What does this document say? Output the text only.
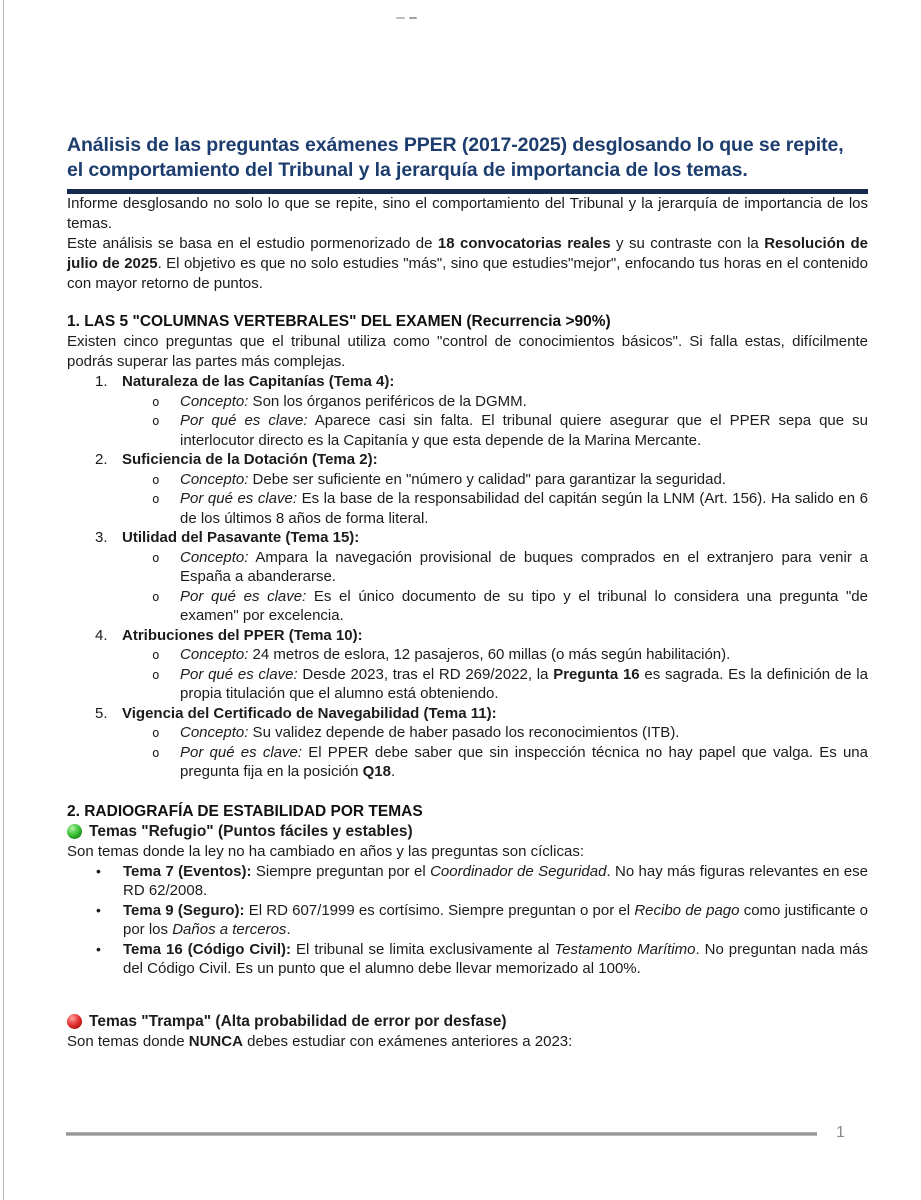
Análisis de las preguntas exámenes PPER (2017-2025) desglosando lo que se repite, el comportamiento del Tribunal y la jerarquía de importancia de los temas.

Informe desglosando no solo lo que se repite, sino el comportamiento del Tribunal y la jerarquía de importancia de los temas.

Este análisis se basa en el estudio pormenorizado de 18 convocatorias reales y su contraste con la Resolución de julio de 2025. El objetivo es que no solo estudies "más", sino que estudies"mejor", enfocando tus horas en el contenido con mayor retorno de puntos.

1. LAS 5 "COLUMNAS VERTEBRALES" DEL EXAMEN (Recurrencia >90%)

Existen cinco preguntas que el tribunal utiliza como "control de conocimientos básicos". Si falla estas, difícilmente podrás superar las partes más complejas.

1. Naturaleza de las Capitanías (Tema 4):
o	Concepto: Son los órganos periféricos de la DGMM.
o	Por qué es clave: Aparece casi sin falta. El tribunal quiere asegurar que el PPER sepa que su interlocutor directo es la Capitanía y que esta depende de la Marina Mercante.
2. Suficiencia de la Dotación (Tema 2):
o	Concepto: Debe ser suficiente en "número y calidad" para garantizar la seguridad.
o	Por qué es clave: Es la base de la responsabilidad del capitán según la LNM (Art. 156). Ha salido en 6 de los últimos 8 años de forma literal.
3. Utilidad del Pasavante (Tema 15):
o	Concepto: Ampara la navegación provisional de buques comprados en el extranjero para venir a España a abanderarse.
o	Por qué es clave: Es el único documento de su tipo y el tribunal lo considera una pregunta "de examen" por excelencia.
4. Atribuciones del PPER (Tema 10):
o	Concepto: 24 metros de eslora, 12 pasajeros, 60 millas (o más según habilitación).
o	Por qué es clave: Desde 2023, tras el RD 269/2022, la Pregunta 16 es sagrada. Es la definición de la propia titulación que el alumno está obteniendo.
5. Vigencia del Certificado de Navegabilidad (Tema 11):
o	Concepto: Su validez depende de haber pasado los reconocimientos (ITB).
o	Por qué es clave: El PPER debe saber que sin inspección técnica no hay papel que valga. Es una pregunta fija en la posición Q18.
2. RADIOGRAFÍA DE ESTABILIDAD POR TEMAS
Temas "Refugio" (Puntos fáciles y estables)

Son temas donde la ley no ha cambiado en años y las preguntas son cíclicas:

•	Tema 7 (Eventos): Siempre preguntan por el Coordinador de Seguridad. No hay más figuras relevantes en ese RD 62/2008.
•	Tema 9 (Seguro): El RD 607/1999 es cortísimo. Siempre preguntan o por el Recibo de pago como justificante o por los Daños a terceros.
•	Tema 16 (Código Civil): El tribunal se limita exclusivamente al Testamento Marítimo. No preguntan nada más del Código Civil. Es un punto que el alumno debe llevar memorizado al 100%.
Temas "Trampa" (Alta probabilidad de error por desfase)

Son temas donde NUNCA debes estudiar con exámenes anteriores a 2023:

1
